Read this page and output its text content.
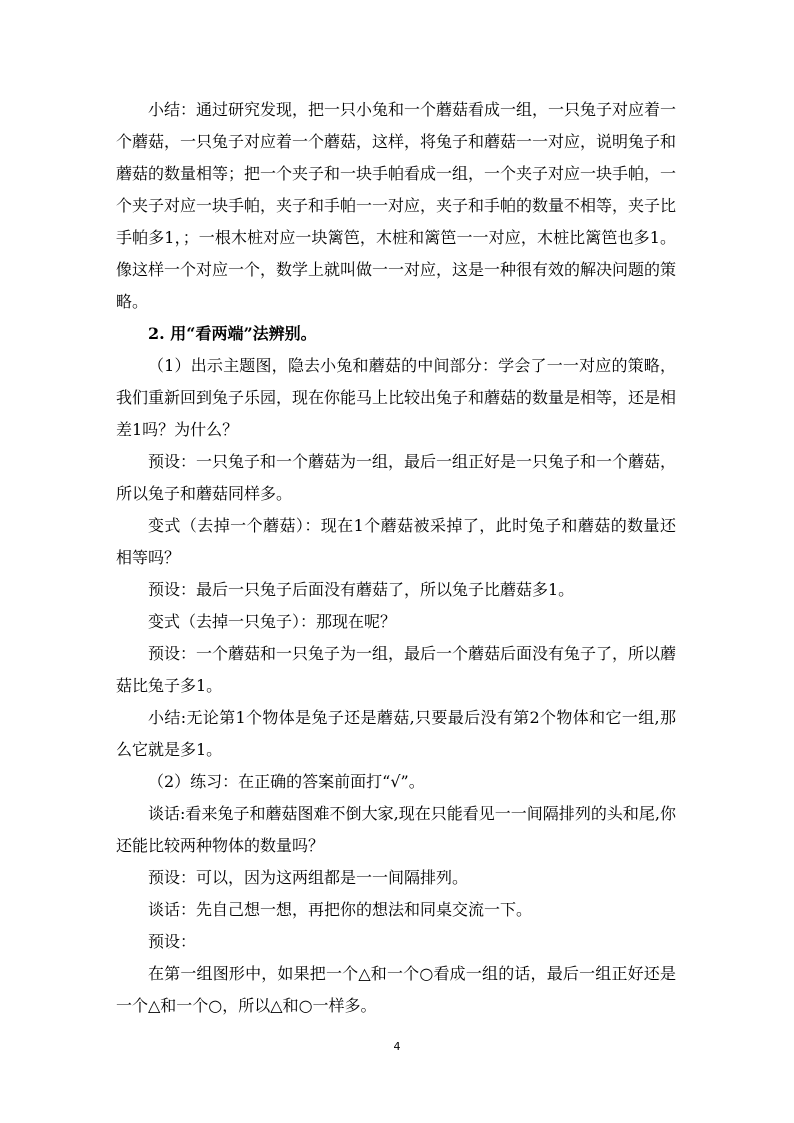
小结：通过研究发现，把一只小兔和一个蘑菇看成一组，一只兔子对应着一个蘑菇，一只兔子对应着一个蘑菇，这样，将兔子和蘑菇一一对应，说明兔子和蘑菇的数量相等；把一个夹子和一块手帕看成一组，一个夹子对应一块手帕，一个夹子对应一块手帕，夹子和手帕一一对应，夹子和手帕的数量不相等，夹子比手帕多1，；一根木桩对应一块篱笆，木桩和篱笆一一对应，木桩比篱笆也多1。像这样一个对应一个，数学上就叫做一一对应，这是一种很有效的解决问题的策略。

2. 用“看两端”法辨别。

（1）出示主题图，隐去小兔和蘑菇的中间部分：学会了一一对应的策略，我们重新回到兔子乐园，现在你能马上比较出兔子和蘑菇的数量是相等，还是相差1吗？为什么？

预设：一只兔子和一个蘑菇为一组，最后一组正好是一只兔子和一个蘑菇，所以兔子和蘑菇同样多。

变式（去掉一个蘑菇）：现在1个蘑菇被采掉了，此时兔子和蘑菇的数量还相等吗？

预设：最后一只兔子后面没有蘑菇了，所以兔子比蘑菇多1。

变式（去掉一只兔子）：那现在呢？

预设：一个蘑菇和一只兔子为一组，最后一个蘑菇后面没有兔子了，所以蘑菇比兔子多1。

小结:无论第1个物体是兔子还是蘑菇,只要最后没有第2个物体和它一组,那么它就是多1。

（2）练习：在正确的答案前面打“√”。

谈话:看来兔子和蘑菇图难不倒大家,现在只能看见一一间隔排列的头和尾,你还能比较两种物体的数量吗？

预设：可以，因为这两组都是一一间隔排列。

谈话：先自己想一想，再把你的想法和同桌交流一下。

预设：

在第一组图形中，如果把一个△和一个○看成一组的话，最后一组正好还是一个△和一个○，所以△和○一样多。

4
